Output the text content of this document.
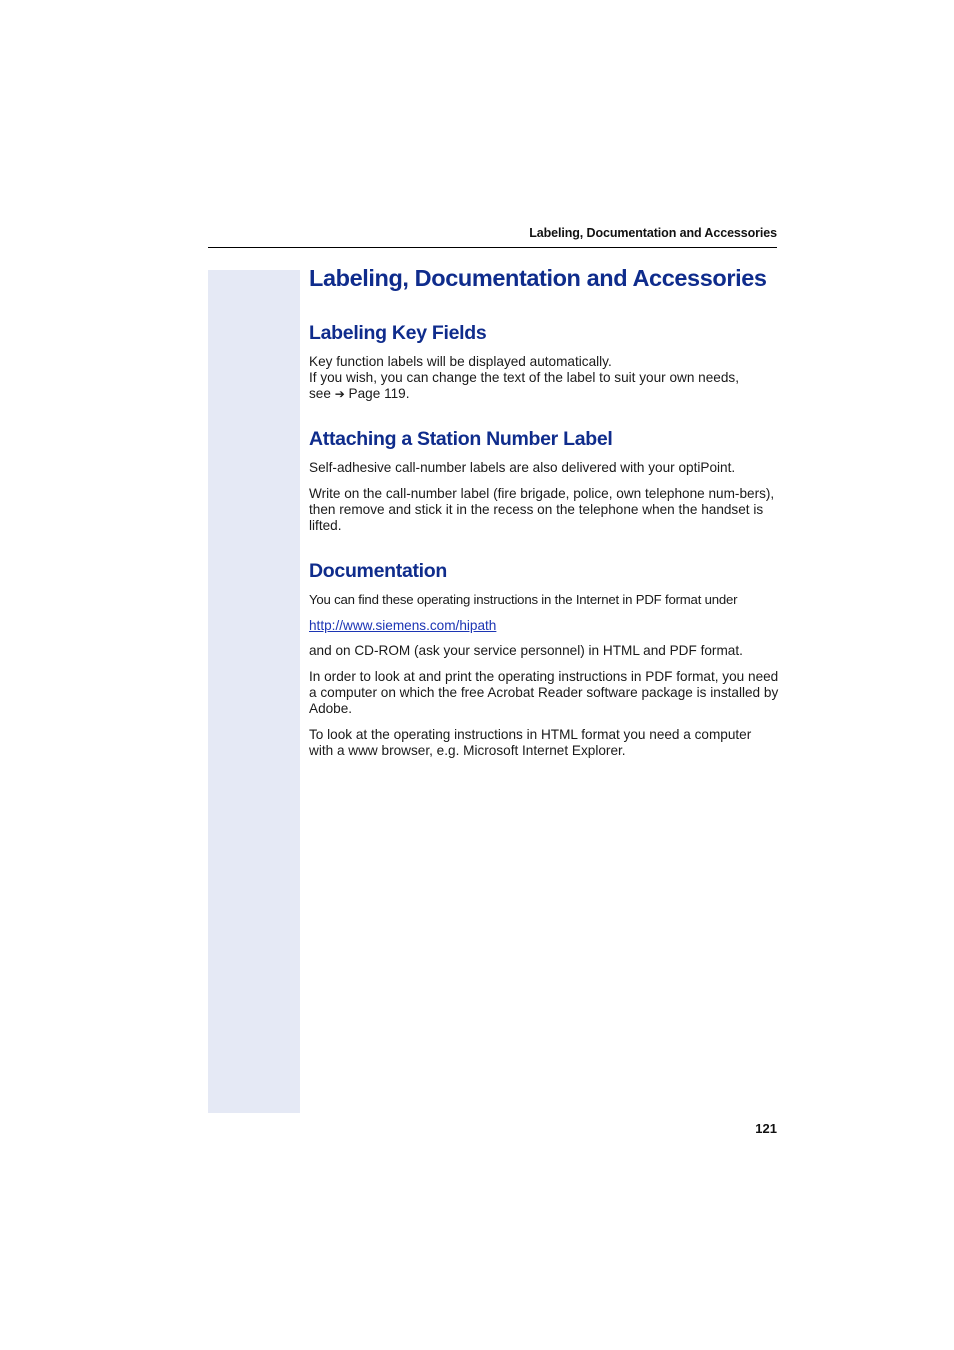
Labeling, Documentation and Accessories
Labeling, Documentation and Accessories
Labeling Key Fields

Key function labels will be displayed automatically.
If you wish, you can change the text of the label to suit your own needs,
see ➔ Page 119.

Attaching a Station Number Label

Self-adhesive call-number labels are also delivered with your optiPoint.

Write on the call-number label (fire brigade, police, own telephone num-bers), then remove and stick it in the recess on the telephone when the handset is lifted.

Documentation

You can find these operating instructions in the Internet in PDF format under

http://www.siemens.com/hipath

and on CD-ROM (ask your service personnel) in HTML and PDF format.

In order to look at and print the operating instructions in PDF format, you need a computer on which the free Acrobat Reader software package is installed by Adobe.

To look at the operating instructions in HTML format you need a computer with a www browser, e.g. Microsoft Internet Explorer.

121
